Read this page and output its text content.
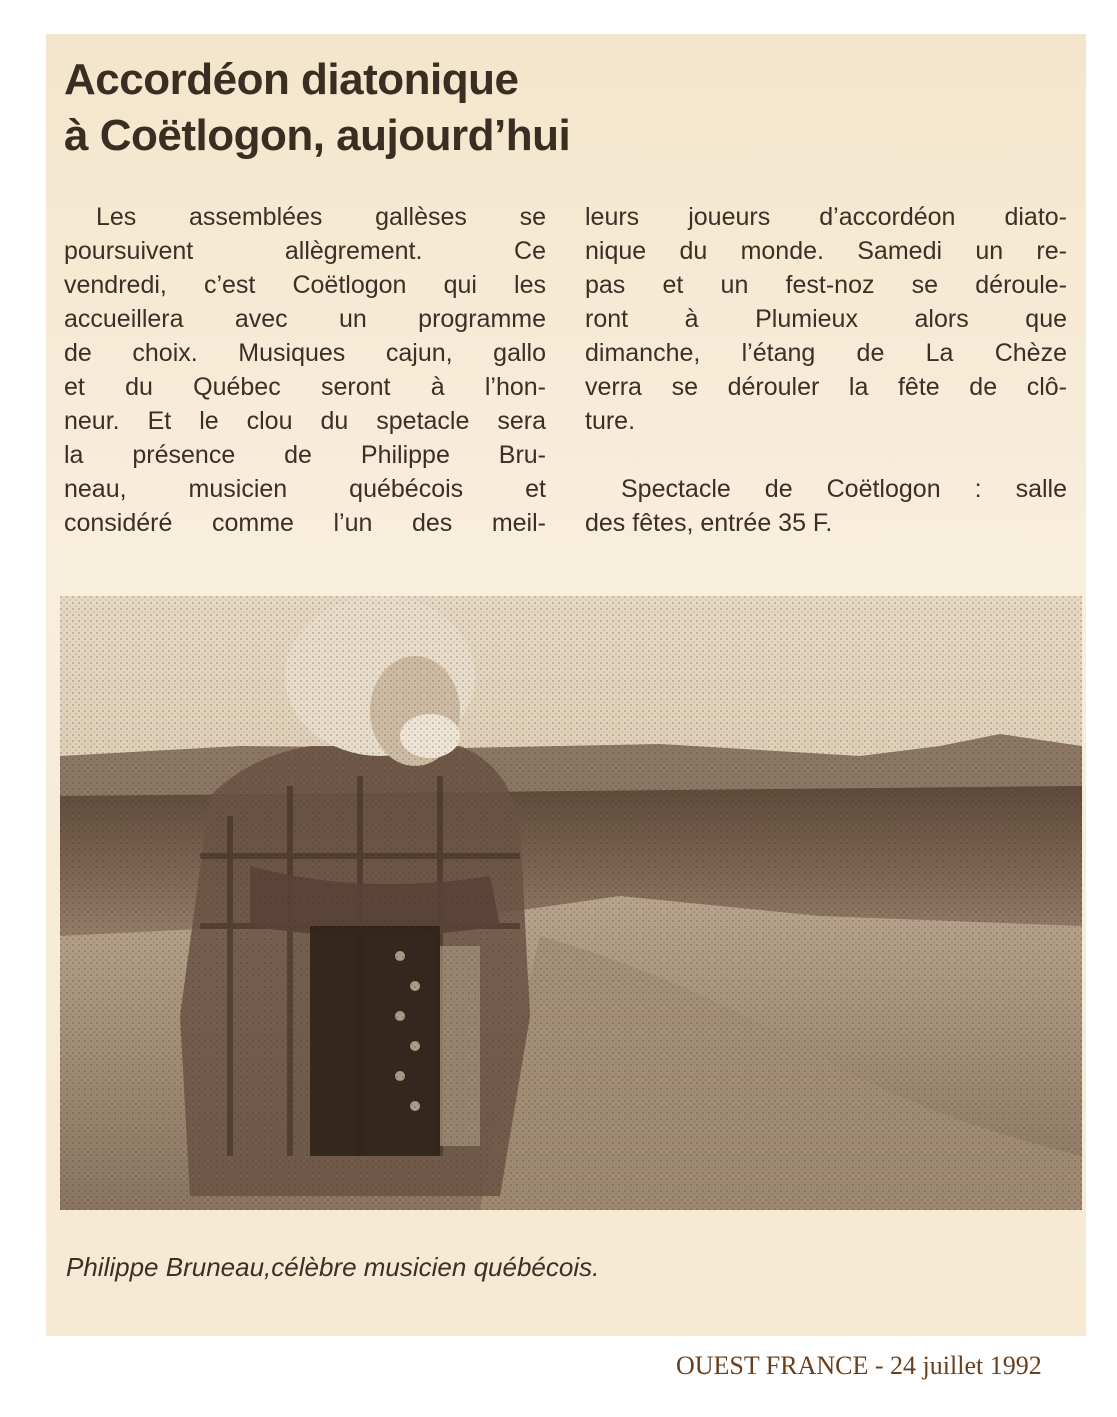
Accordéon diatonique
à Coëtlogon, aujourd’hui
Les assemblées gallèses se
poursuivent allègrement. Ce
vendredi, c’est Coëtlogon qui les
accueillera avec un programme
de choix. Musiques cajun, gallo
et du Québec seront à l’hon-
neur. Et le clou du spetacle sera
la présence de Philippe Bru-
neau, musicien québécois et
considéré comme l’un des meil-
leurs joueurs d’accordéon diato-
nique du monde. Samedi un re-
pas et un fest-noz se déroule-
ront à Plumieux alors que
dimanche, l’étang de La Chèze
verra se dérouler la fête de clô-
ture.
Spectacle de Coëtlogon : salle
des fêtes, entrée 35 F.

Philippe Bruneau,célèbre musicien québécois.

OUEST FRANCE - 24 juillet 1992
